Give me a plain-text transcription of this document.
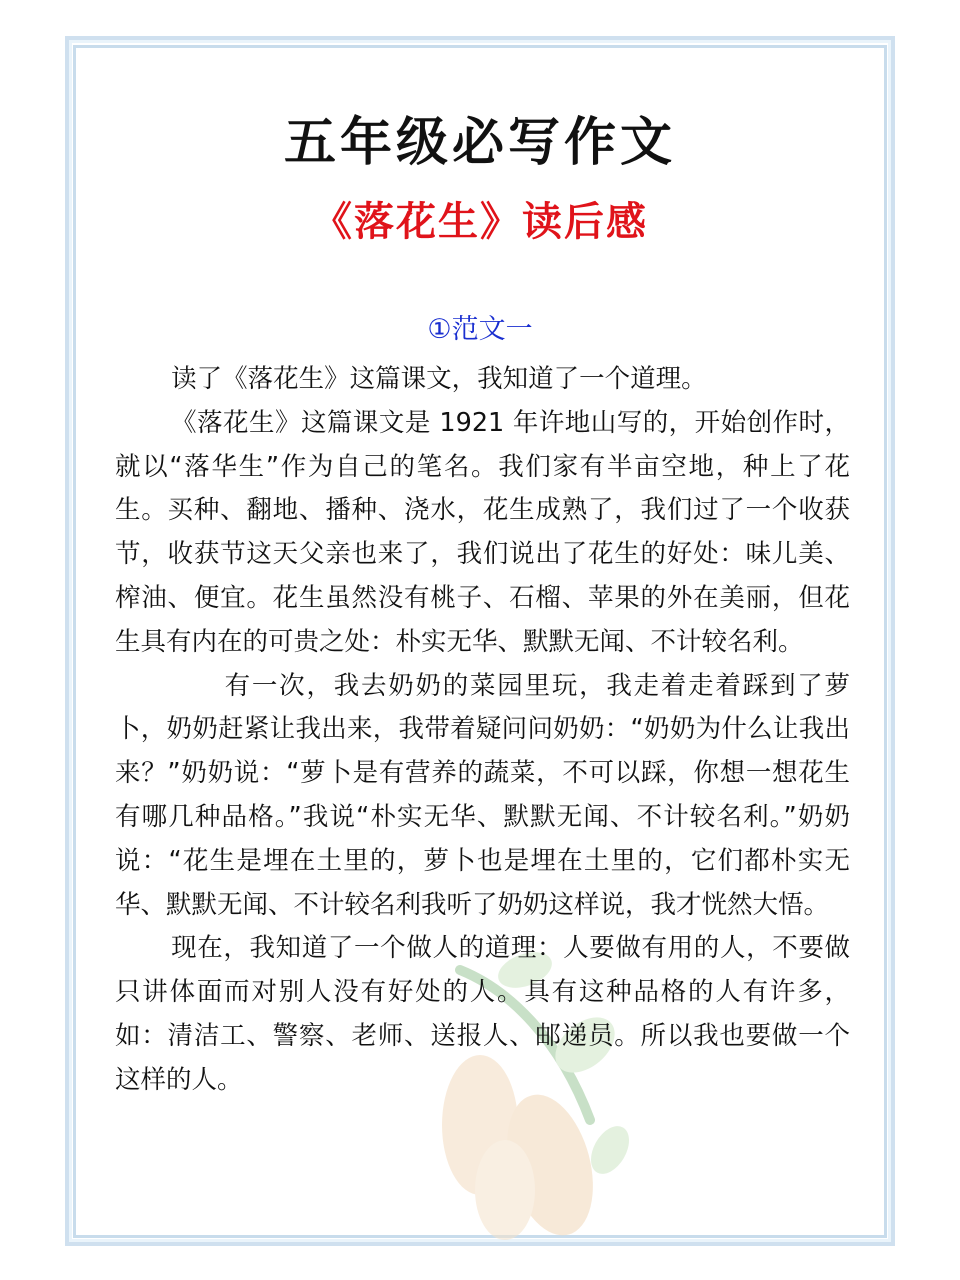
五年级必写作文
《落花生》读后感
①范文一

读了《落花生》这篇课文，我知道了一个道理。

《落花生》这篇课文是 1921 年许地山写的，开始创作时，就以“落华生”作为自己的笔名。我们家有半亩空地，种上了花生。买种、翻地、播种、浇水，花生成熟了，我们过了一个收获节，收获节这天父亲也来了，我们说出了花生的好处：味儿美、榨油、便宜。花生虽然没有桃子、石榴、苹果的外在美丽，但花生具有内在的可贵之处：朴实无华、默默无闻、不计较名利。

有一次，我去奶奶的菜园里玩，我走着走着踩到了萝卜，奶奶赶紧让我出来，我带着疑问问奶奶：“奶奶为什么让我出来？”奶奶说：“萝卜是有营养的蔬菜，不可以踩，你想一想花生有哪几种品格。”我说“朴实无华、默默无闻、不计较名利。”奶奶说：“花生是埋在土里的，萝卜也是埋在土里的，它们都朴实无华、默默无闻、不计较名利我听了奶奶这样说，我才恍然大悟。

现在，我知道了一个做人的道理：人要做有用的人，不要做只讲体面而对别人没有好处的人。具有这种品格的人有许多，如：清洁工、警察、老师、送报人、邮递员。所以我也要做一个这样的人。
